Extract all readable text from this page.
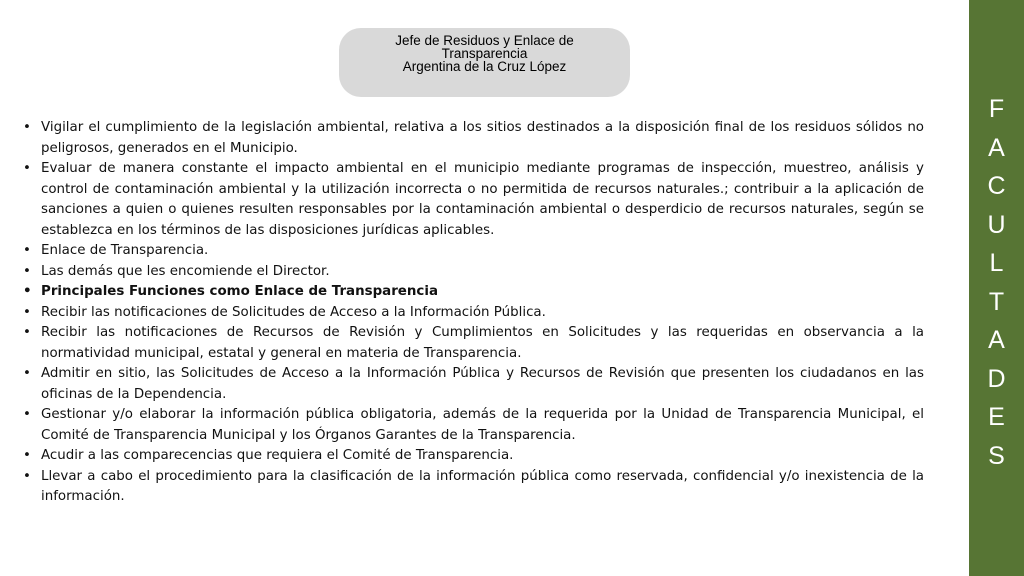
Jefe de Residuos y Enlace de Transparencia
Argentina de la Cruz López
• Vigilar el cumplimiento de la legislación ambiental, relativa a los sitios destinados a la disposición final de los residuos sólidos no peligrosos, generados en el Municipio.
• Evaluar de manera constante el impacto ambiental en el municipio mediante programas de inspección, muestreo, análisis y control de contaminación ambiental y la utilización incorrecta o no permitida de recursos naturales.; contribuir a la aplicación de sanciones a quien o quienes resulten responsables por la contaminación ambiental o desperdicio de recursos naturales, según se establezca en los términos de las disposiciones jurídicas aplicables.
• Enlace de Transparencia.
• Las demás que les encomiende el Director.
• Principales Funciones como Enlace de Transparencia
• Recibir las notificaciones de Solicitudes de Acceso a la Información Pública.
• Recibir las notificaciones de Recursos de Revisión y Cumplimientos en Solicitudes y las requeridas en observancia a la normatividad municipal, estatal y general en materia de Transparencia.
• Admitir en sitio, las Solicitudes de Acceso a la Información Pública y Recursos de Revisión que presenten los ciudadanos en las oficinas de la Dependencia.
• Gestionar y/o elaborar la información pública obligatoria, además de la requerida por la Unidad de Transparencia Municipal, el Comité de Transparencia Municipal y los Órganos Garantes de la Transparencia.
• Acudir a las comparecencias que requiera el Comité de Transparencia.
• Llevar a cabo el procedimiento para la clasificación de la información pública como reservada, confidencial y/o inexistencia de la información.
F
A
C
U
L
T
A
D
E
S
